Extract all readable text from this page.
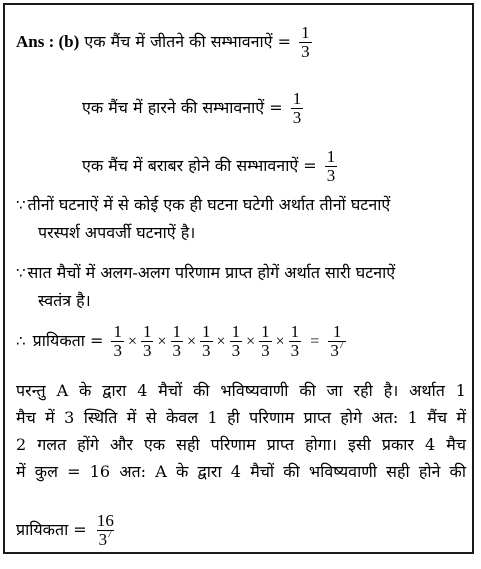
Ans : (b) एक मैंच में जीतने की सम्भावनाऐं = $\frac{1}{3}$
एक मैंच में हारने की सम्भावनाऐं = $\frac{1}{3}$
एक मैंच में बराबर होने की सम्भावनाऐं = $\frac{1}{3}$
∵ तीनों घटनाऐं में से कोई एक ही घटना घटेगी अर्थात तीनों घटनाऐं
परस्पर्श अपवर्जी घटनाऐं है।
∵ सात मैचों में अलग-अलग परिणाम प्राप्त होगें अर्थात सारी घटनाऐं
स्वतंत्र है।
∴ प्रायिकता = $\frac{1}{3} \times \frac{1}{3} \times \frac{1}{3} \times \frac{1}{3} \times \frac{1}{3} \times \frac{1}{3} \times \frac{1}{3} = \frac{1}{3^7}$
परन्तु A के द्वारा 4 मैचों की भविष्यवाणी की जा रही है। अर्थात 1
मैच में 3 स्थिति में से केवल 1 ही परिणाम प्राप्त होगे अत: 1 मैंच में
2 गलत होंगे और एक सही परिणाम प्राप्त होगा। इसी प्रकार 4 मैच
में कुल = 16 अत: A के द्वारा 4 मैचों की भविष्यवाणी सही होने की
प्रायिकता = $\frac{16}{3^7}$
